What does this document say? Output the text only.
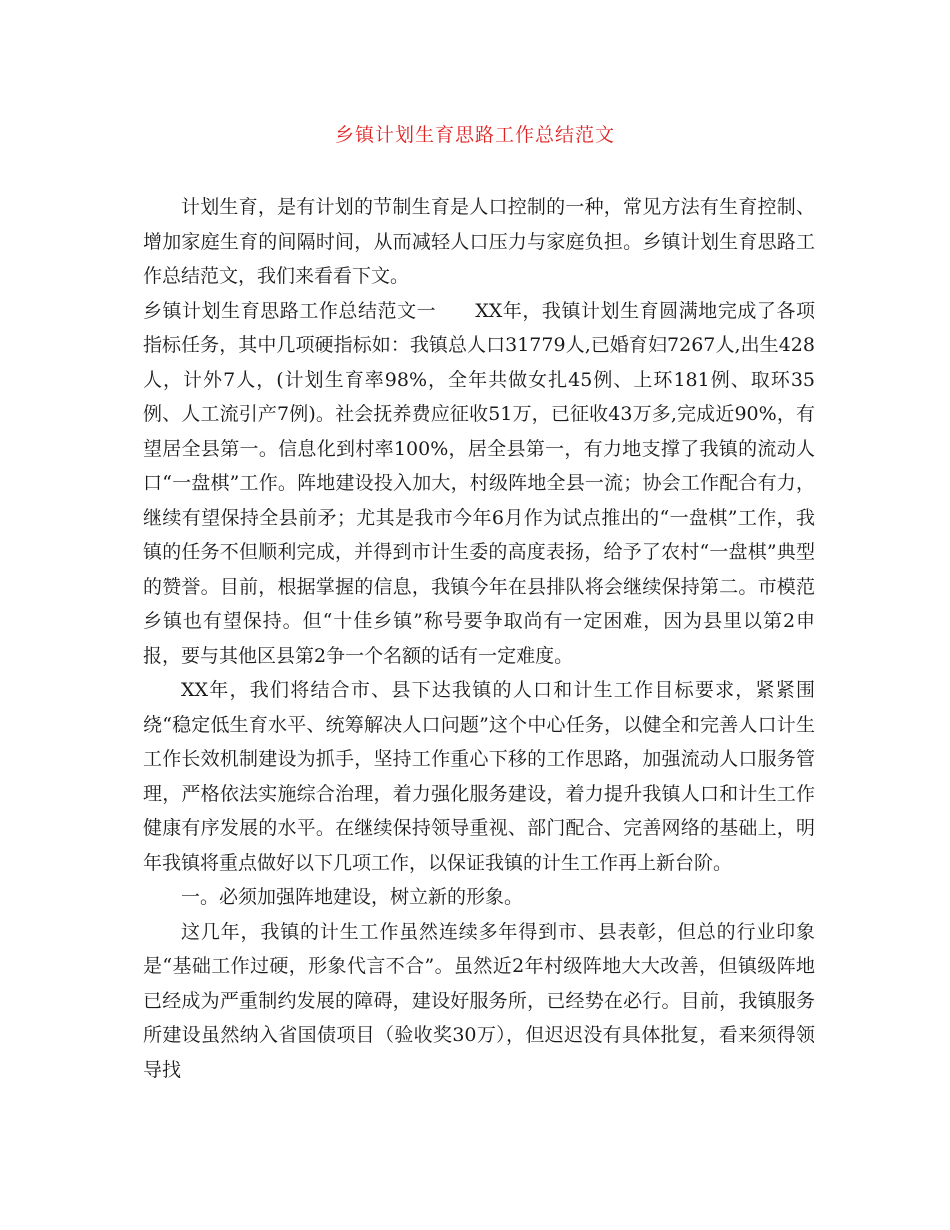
乡镇计划生育思路工作总结范文

计划生育，是有计划的节制生育是人口控制的一种，常见方法有生育控制、增加家庭生育的间隔时间，从而减轻人口压力与家庭负担。乡镇计划生育思路工作总结范文，我们来看看下文。

乡镇计划生育思路工作总结范文一　　XX年，我镇计划生育圆满地完成了各项指标任务，其中几项硬指标如：我镇总人口31779人,已婚育妇7267人,出生428人，计外7人，(计划生育率98%，全年共做女扎45例、上环181例、取环35例、人工流引产7例)。社会抚养费应征收51万，已征收43万多,完成近90%，有望居全县第一。信息化到村率100%，居全县第一，有力地支撑了我镇的流动人口“一盘棋”工作。阵地建设投入加大，村级阵地全县一流；协会工作配合有力，继续有望保持全县前矛；尤其是我市今年6月作为试点推出的“一盘棋”工作，我镇的任务不但顺利完成，并得到市计生委的高度表扬，给予了农村“一盘棋”典型的赞誉。目前，根据掌握的信息，我镇今年在县排队将会继续保持第二。市模范乡镇也有望保持。但“十佳乡镇”称号要争取尚有一定困难，因为县里以第2申报，要与其他区县第2争一个名额的话有一定难度。

XX年，我们将结合市、县下达我镇的人口和计生工作目标要求，紧紧围绕“稳定低生育水平、统筹解决人口问题”这个中心任务，以健全和完善人口计生工作长效机制建设为抓手，坚持工作重心下移的工作思路，加强流动人口服务管理，严格依法实施综合治理，着力强化服务建设，着力提升我镇人口和计生工作健康有序发展的水平。在继续保持领导重视、部门配合、完善网络的基础上，明年我镇将重点做好以下几项工作，以保证我镇的计生工作再上新台阶。

一。必须加强阵地建设，树立新的形象。

这几年，我镇的计生工作虽然连续多年得到市、县表彰，但总的行业印象是“基础工作过硬，形象代言不合”。虽然近2年村级阵地大大改善，但镇级阵地已经成为严重制约发展的障碍，建设好服务所，已经势在必行。目前，我镇服务所建设虽然纳入省国债项目（验收奖30万），但迟迟没有具体批复，看来须得领导找
